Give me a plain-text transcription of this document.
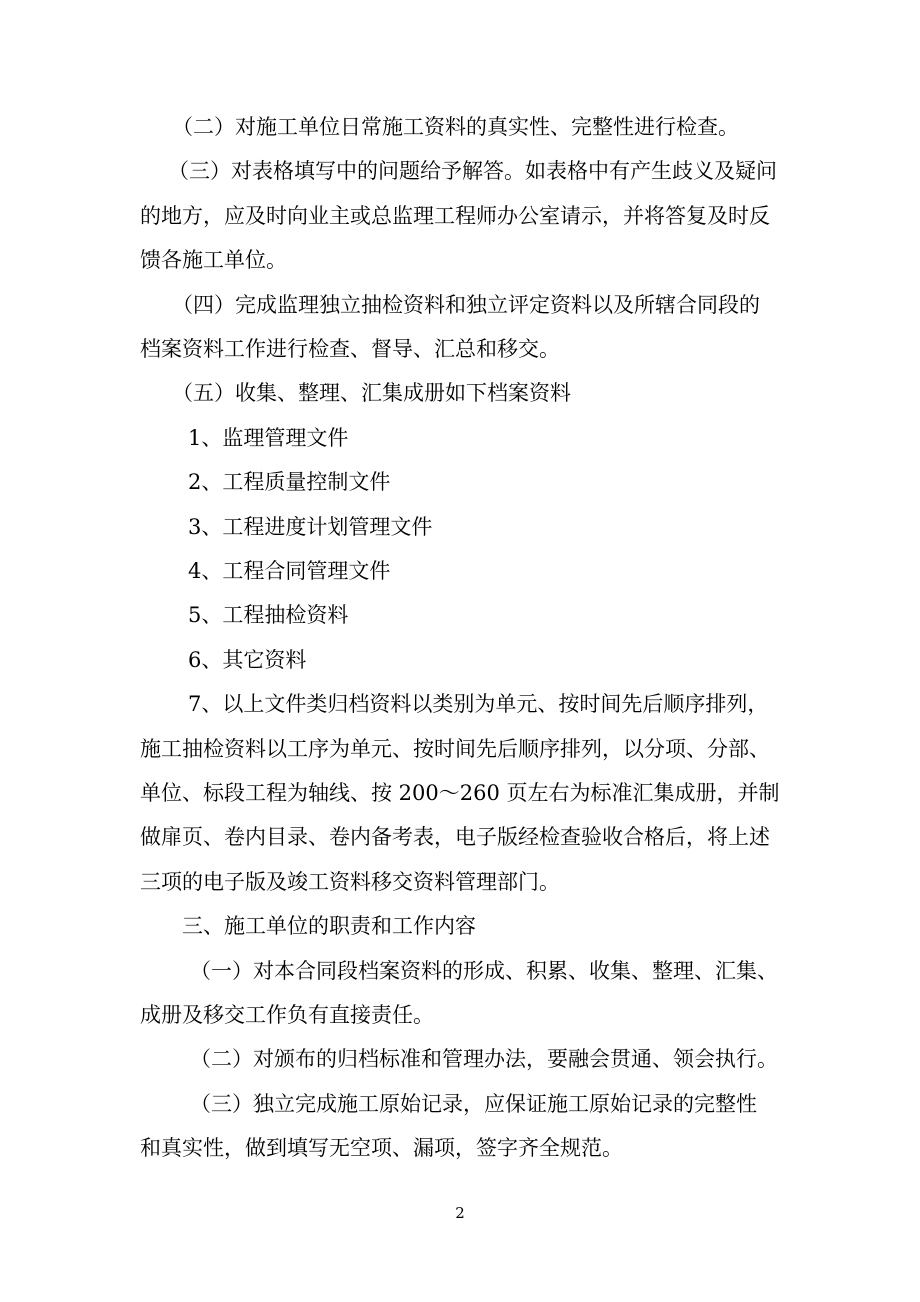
（二）对施工单位日常施工资料的真实性、完整性进行检查。
（三）对表格填写中的问题给予解答。如表格中有产生歧义及疑问
的地方，应及时向业主或总监理工程师办公室请示，并将答复及时反
馈各施工单位。
（四）完成监理独立抽检资料和独立评定资料以及所辖合同段的
档案资料工作进行检查、督导、汇总和移交。
（五）收集、整理、汇集成册如下档案资料
1、监理管理文件
2、工程质量控制文件
3、工程进度计划管理文件
4、工程合同管理文件
5、工程抽检资料
6、其它资料
7、以上文件类归档资料以类别为单元、按时间先后顺序排列，
施工抽检资料以工序为单元、按时间先后顺序排列，以分项、分部、
单位、标段工程为轴线、按 200～260 页左右为标准汇集成册，并制
做扉页、卷内目录、卷内备考表，电子版经检查验收合格后，将上述
三项的电子版及竣工资料移交资料管理部门。
三、施工单位的职责和工作内容
（一）对本合同段档案资料的形成、积累、收集、整理、汇集、
成册及移交工作负有直接责任。
（二）对颁布的归档标准和管理办法，要融会贯通、领会执行。
（三）独立完成施工原始记录，应保证施工原始记录的完整性
和真实性，做到填写无空项、漏项，签字齐全规范。
2
